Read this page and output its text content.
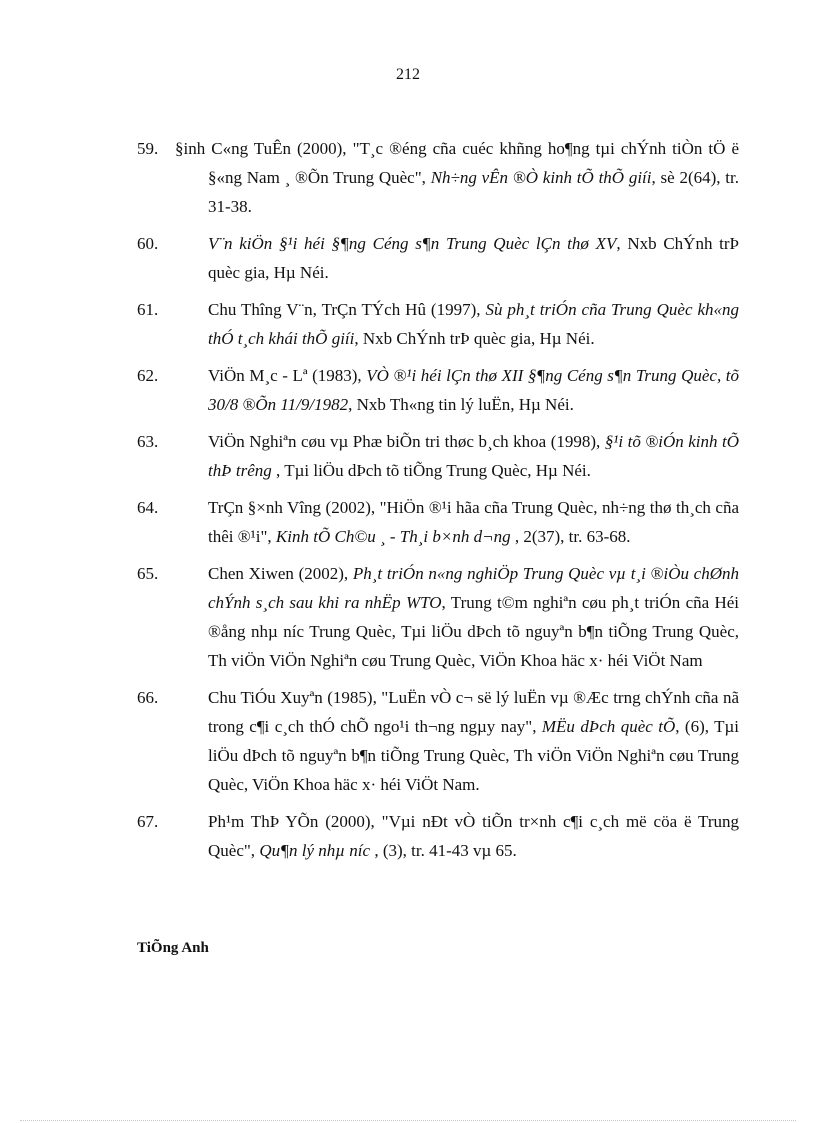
212
59. §inh C«ng TuÊn (2000), "T¸c ®éng cña cuéc khñng ho¶ng tµi chÝnh tiÒn tÖ ë §«ng Nam ¸ ®Õn Trung Quèc", Nh÷ng vÊn ®Ò kinh tÕ thÕ giíi, sè 2(64), tr. 31-38.
60.	V¨n kiÖn §¹i héi §¶ng Céng s¶n Trung Quèc lÇn thø XV, Nxb ChÝnh trÞ quèc gia, Hµ Néi.
61.	Chu Thîng V¨n, TrÇn TÝch Hû (1997), Sù ph¸t triÓn cña Trung Quèc kh«ng thÓ t¸ch khái thÕ giíi, Nxb ChÝnh trÞ quèc gia, Hµ Néi.
62.	ViÖn M¸c - Lª (1983), VÒ ®¹i héi lÇn thø XII §¶ng Céng s¶n Trung Quèc, tõ 30/8 ®Õn 11/9/1982, Nxb Th«ng tin lý luËn, Hµ Néi.
63.	ViÖn Nghiªn cøu vµ Phæ biÕn tri thøc b¸ch khoa (1998), §¹i tõ ®iÓn kinh tÕ thÞ trêng , Tµi liÖu dÞch tõ tiÕng Trung Quèc, Hµ Néi.
64.	TrÇn §×nh Vîng (2002), "HiÖn ®¹i hãa cña Trung Quèc, nh÷ng thø th¸ch cña thêi ®¹i", Kinh tÕ Ch©u ¸ - Th¸i b×nh d¬ng , 2(37), tr. 63-68.
65.	Chen Xiwen (2002), Ph¸t triÓn n«ng nghiÖp Trung Quèc vµ t¸i ®iÒu chØnh chÝnh s¸ch sau khi ra nhËp WTO, Trung t©m nghiªn cøu ph¸t triÓn cña Héi ®ång nhµ níc Trung Quèc, Tµi liÖu dÞch tõ nguyªn b¶n tiÕng Trung Quèc, Th viÖn ViÖn Nghiªn cøu Trung Quèc, ViÖn Khoa häc x· héi ViÖt Nam
66.	Chu TiÓu Xuyªn (1985), "LuËn vÒ c¬ së lý luËn vµ ®Æc trng chÝnh cña nã trong c¶i c¸ch thÓ chÕ ngo¹i th¬ng ngµy nay", MËu dÞch quèc tÕ, (6), Tµi liÖu dÞch tõ nguyªn b¶n tiÕng Trung Quèc, Th viÖn ViÖn Nghiªn cøu Trung Quèc, ViÖn Khoa häc x· héi ViÖt Nam.
67.	Ph¹m ThÞ YÕn (2000), "Vµi nÐt vÒ tiÕn tr×nh c¶i c¸ch më cöa ë Trung Quèc", Qu¶n lý nhµ níc , (3), tr. 41-43 vµ 65.
TiÕng Anh
